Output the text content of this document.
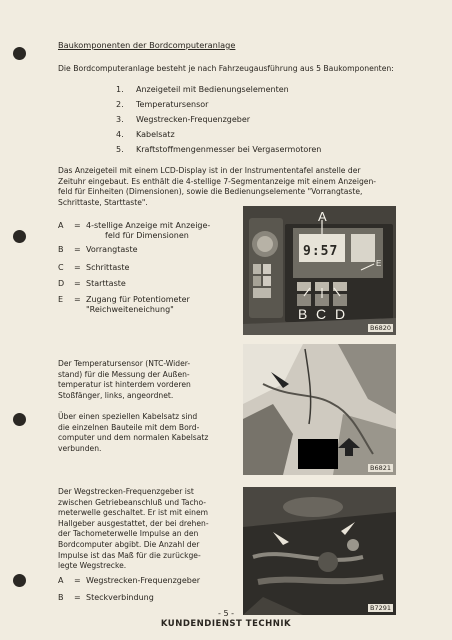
Baukomponenten der Bordcomputeranlage
Die Bordcomputeranlage besteht je nach Fahrzeugausführung aus 5 Baukomponenten:
1. Anzeigeteil mit Bedienungselementen
2. Temperatursensor
3. Wegstrecken-Frequenzgeber
4. Kabelsatz
5. Kraftstoffmengenmesser bei Vergasermotoren
Das Anzeigeteil mit einem LCD-Display ist in der Instrumententafel anstelle der
Zeituhr eingebaut. Es enthält die 4-stellige 7-Segmentanzeige mit einem Anzeigen-
feld für Einheiten (Dimensionen), sowie die Bedienungselemente "Vorrangtaste,
Schrittaste, Starttaste".
A = 4-stellige Anzeige mit Anzeige-
feld für Dimensionen
B = Vorrangtaste
C = Schrittaste
D = Starttaste
E = Zugang für Potentiometer
"Reichweiteneichung"
9:57
A
E
B C D
B6820
Der Temperatursensor (NTC-Wider-
stand) für die Messung der Außen-
temperatur ist hinterdem vorderen
Stoßfänger, links, angeordnet.
Über einen speziellen Kabelsatz sind
die einzelnen Bauteile mit dem Bord-
computer und dem normalen Kabelsatz
verbunden.
B6821
Der Wegstrecken-Frequenzgeber ist
zwischen Getriebeanschluß und Tacho-
meterwelle geschaltet. Er ist mit einem
Hallgeber ausgestattet, der bei drehen-
der Tachometerwelle Impulse an den
Bordcomputer abgibt. Die Anzahl der
Impulse ist das Maß für die zurückge-
legte Wegstrecke.
A = Wegstrecken-Frequenzgeber
B = Steckverbindung
B7291
- 5 -
KUNDENDIENST TECHNIK
